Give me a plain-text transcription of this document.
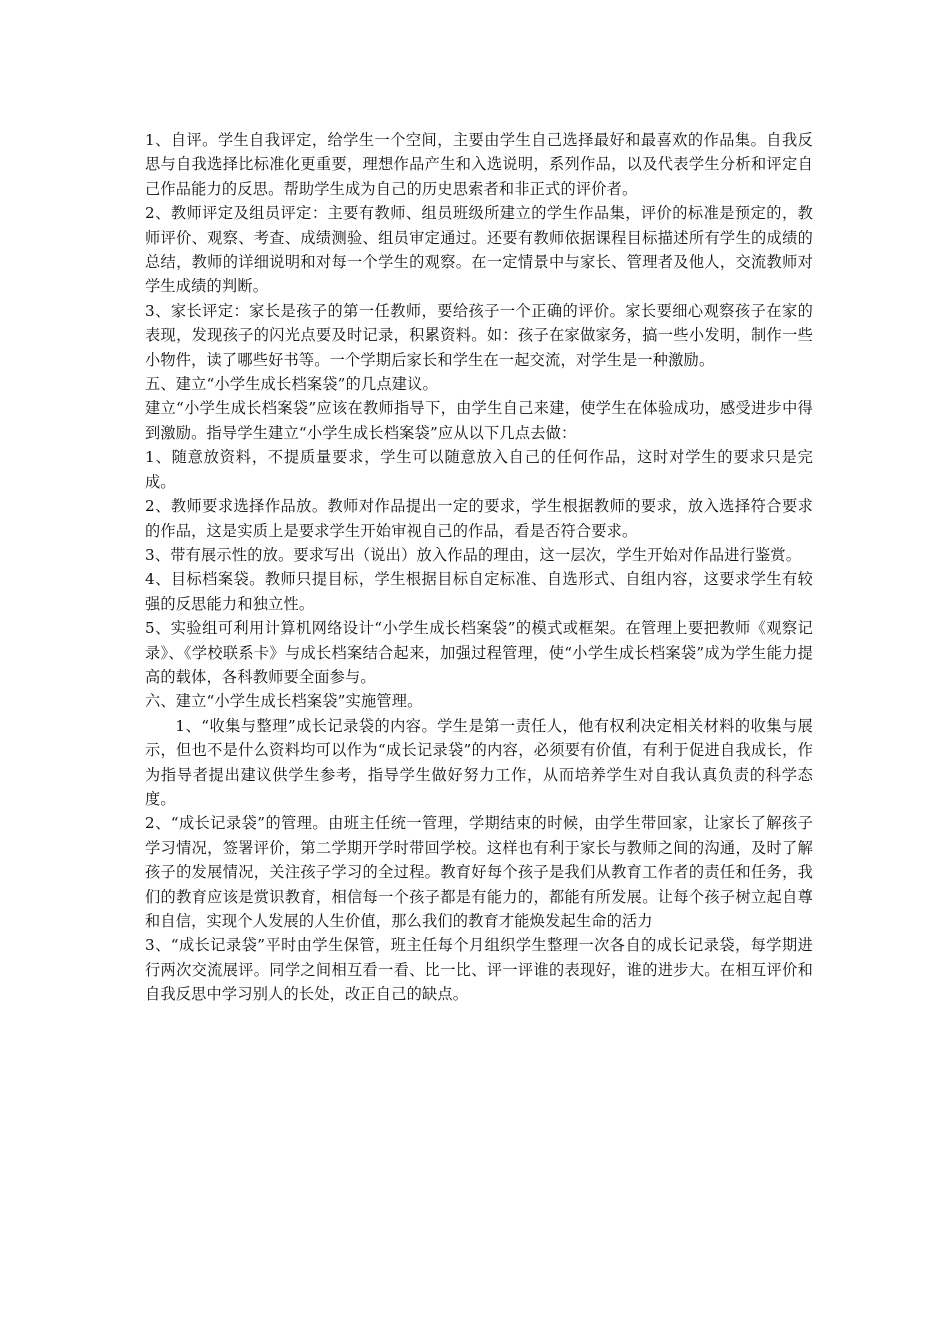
1、自评。学生自我评定，给学生一个空间，主要由学生自己选择最好和最喜欢的作品集。自我反思与自我选择比标准化更重要，理想作品产生和入选说明，系列作品，以及代表学生分析和评定自己作品能力的反思。帮助学生成为自己的历史思索者和非正式的评价者。

2、教师评定及组员评定：主要有教师、组员班级所建立的学生作品集，评价的标准是预定的，教师评价、观察、考查、成绩测验、组员审定通过。还要有教师依据课程目标描述所有学生的成绩的总结，教师的详细说明和对每一个学生的观察。在一定情景中与家长、管理者及他人，交流教师对学生成绩的判断。

3、家长评定：家长是孩子的第一任教师，要给孩子一个正确的评价。家长要细心观察孩子在家的表现，发现孩子的闪光点要及时记录，积累资料。如：孩子在家做家务，搞一些小发明，制作一些小物件，读了哪些好书等。一个学期后家长和学生在一起交流，对学生是一种激励。

五、建立“小学生成长档案袋”的几点建议。

建立“小学生成长档案袋”应该在教师指导下，由学生自己来建，使学生在体验成功，感受进步中得到激励。指导学生建立“小学生成长档案袋”应从以下几点去做：

1、随意放资料，不提质量要求，学生可以随意放入自己的任何作品，这时对学生的要求只是完成。

2、教师要求选择作品放。教师对作品提出一定的要求，学生根据教师的要求，放入选择符合要求的作品，这是实质上是要求学生开始审视自己的作品，看是否符合要求。

3、带有展示性的放。要求写出（说出）放入作品的理由，这一层次，学生开始对作品进行鉴赏。

4、目标档案袋。教师只提目标，学生根据目标自定标准、自选形式、自组内容，这要求学生有较强的反思能力和独立性。

5、实验组可利用计算机网络设计“小学生成长档案袋”的模式或框架。在管理上要把教师《观察记录》、《学校联系卡》与成长档案结合起来，加强过程管理，使“小学生成长档案袋”成为学生能力提高的载体，各科教师要全面参与。

六、建立“小学生成长档案袋”实施管理。

1、“收集与整理”成长记录袋的内容。学生是第一责任人，他有权利决定相关材料的收集与展示，但也不是什么资料均可以作为“成长记录袋”的内容，必须要有价值，有利于促进自我成长，作为指导者提出建议供学生参考，指导学生做好努力工作，从而培养学生对自我认真负责的科学态度。

2、“成长记录袋”的管理。由班主任统一管理，学期结束的时候，由学生带回家，让家长了解孩子学习情况，签署评价，第二学期开学时带回学校。这样也有利于家长与教师之间的沟通，及时了解孩子的发展情况，关注孩子学习的全过程。教育好每个孩子是我们从教育工作者的责任和任务，我们的教育应该是赏识教育，相信每一个孩子都是有能力的，都能有所发展。让每个孩子树立起自尊和自信，实现个人发展的人生价值，那么我们的教育才能焕发起生命的活力

3、“成长记录袋”平时由学生保管，班主任每个月组织学生整理一次各自的成长记录袋，每学期进行两次交流展评。同学之间相互看一看、比一比、评一评谁的表现好，谁的进步大。在相互评价和自我反思中学习别人的长处，改正自己的缺点。
